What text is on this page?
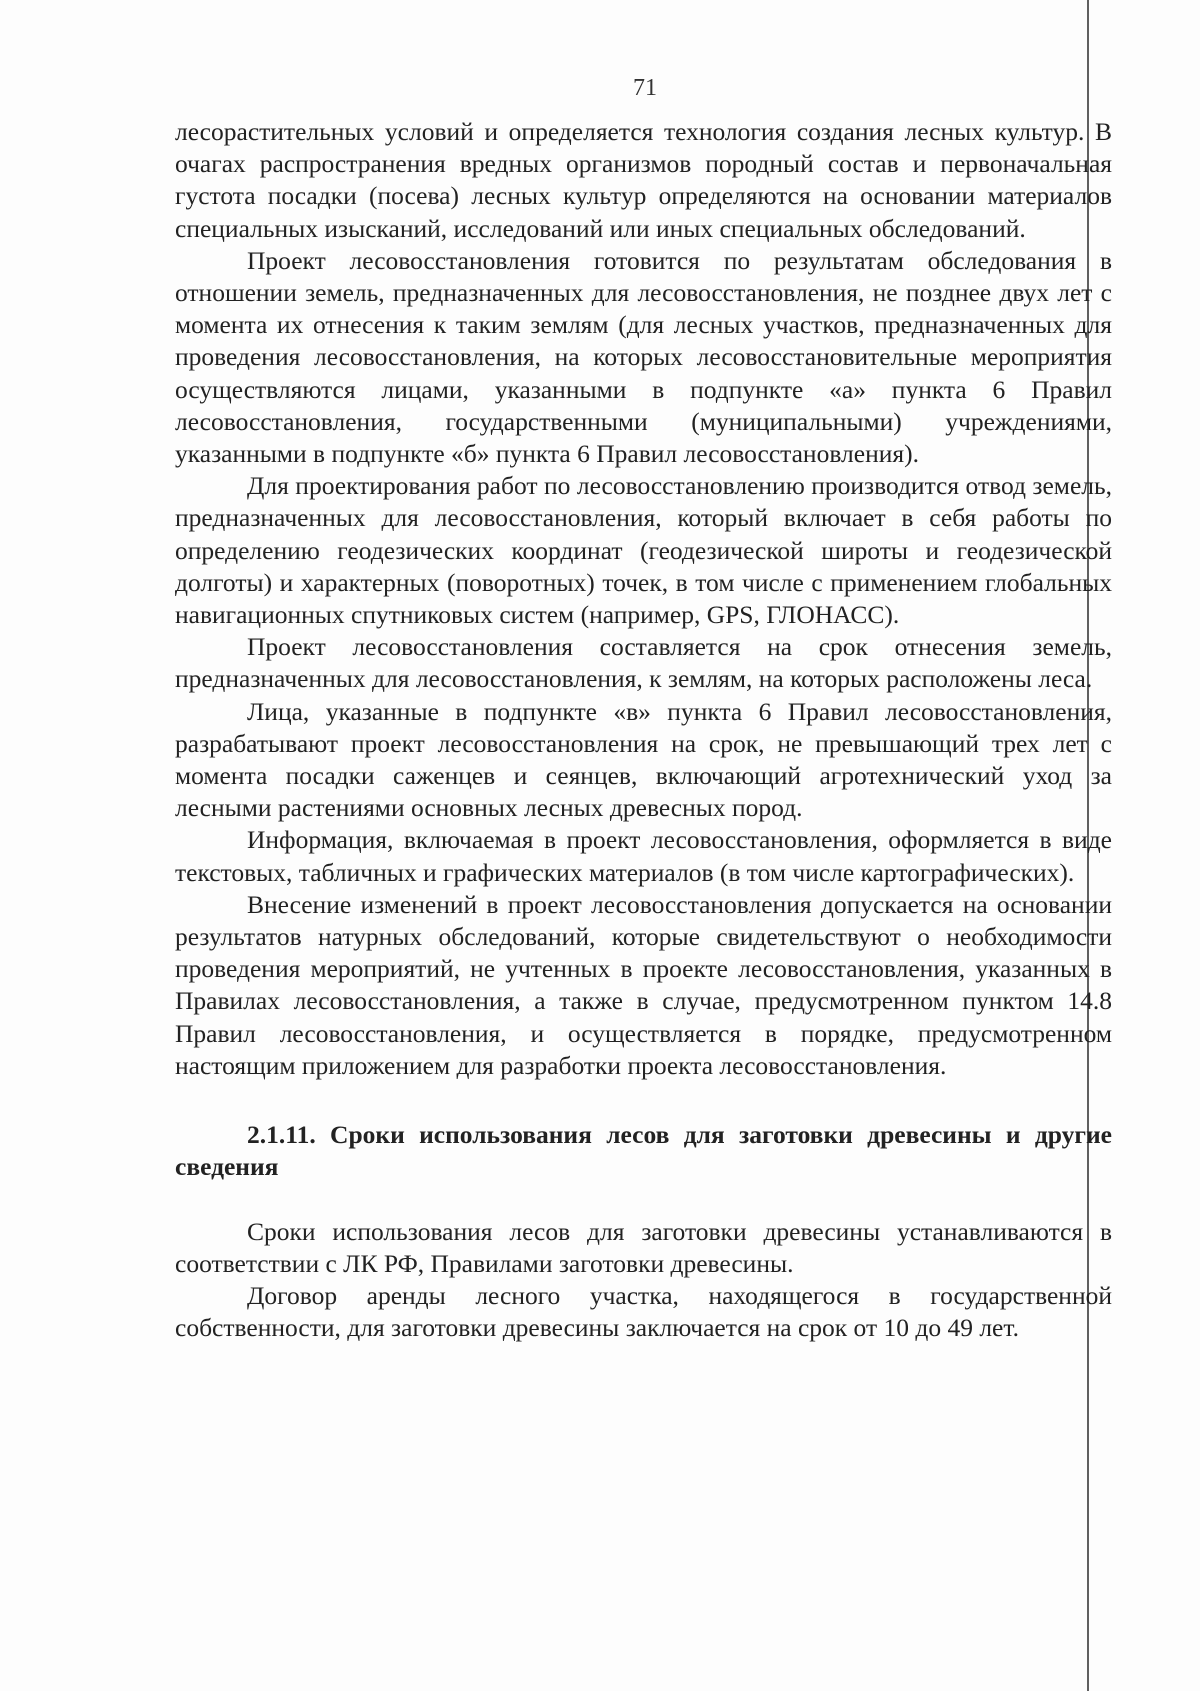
71

лесорастительных условий и определяется технология создания лесных культур. В очагах распространения вредных организмов породный состав и первоначальная густота посадки (посева) лесных культур определяются на основании материалов специальных изысканий, исследований или иных специальных обследований.

Проект лесовосстановления готовится по результатам обследования в отношении земель, предназначенных для лесовосстановления, не позднее двух лет с момента их отнесения к таким землям (для лесных участков, предназначенных для проведения лесовосстановления, на которых лесовосстановительные мероприятия осуществляются лицами, указанными в подпункте «а» пункта 6 Правил лесовосстановления, государственными (муниципальными) учреждениями, указанными в подпункте «б» пункта 6 Правил лесовосстановления).

Для проектирования работ по лесовосстановлению производится отвод земель, предназначенных для лесовосстановления, который включает в себя работы по определению геодезических координат (геодезической широты и геодезической долготы) и характерных (поворотных) точек, в том числе с применением глобальных навигационных спутниковых систем (например, GPS, ГЛОНАСС).

Проект лесовосстановления составляется на срок отнесения земель, предназначенных для лесовосстановления, к землям, на которых расположены леса.

Лица, указанные в подпункте «в» пункта 6 Правил лесовосстановления, разрабатывают проект лесовосстановления на срок, не превышающий трех лет с момента посадки саженцев и сеянцев, включающий агротехнический уход за лесными растениями основных лесных древесных пород.

Информация, включаемая в проект лесовосстановления, оформляется в виде текстовых, табличных и графических материалов (в том числе картографических).

Внесение изменений в проект лесовосстановления допускается на основании результатов натурных обследований, которые свидетельствуют о необходимости проведения мероприятий, не учтенных в проекте лесовосстановления, указанных в Правилах лесовосстановления, а также в случае, предусмотренном пунктом 14.8 Правил лесовосстановления, и осуществляется в порядке, предусмотренном настоящим приложением для разработки проекта лесовосстановления.

2.1.11. Сроки использования лесов для заготовки древесины и другие сведения

Сроки использования лесов для заготовки древесины устанавливаются в соответствии с ЛК РФ, Правилами заготовки древесины.

Договор аренды лесного участка, находящегося в государственной собственности, для заготовки древесины заключается на срок от 10 до 49 лет.
